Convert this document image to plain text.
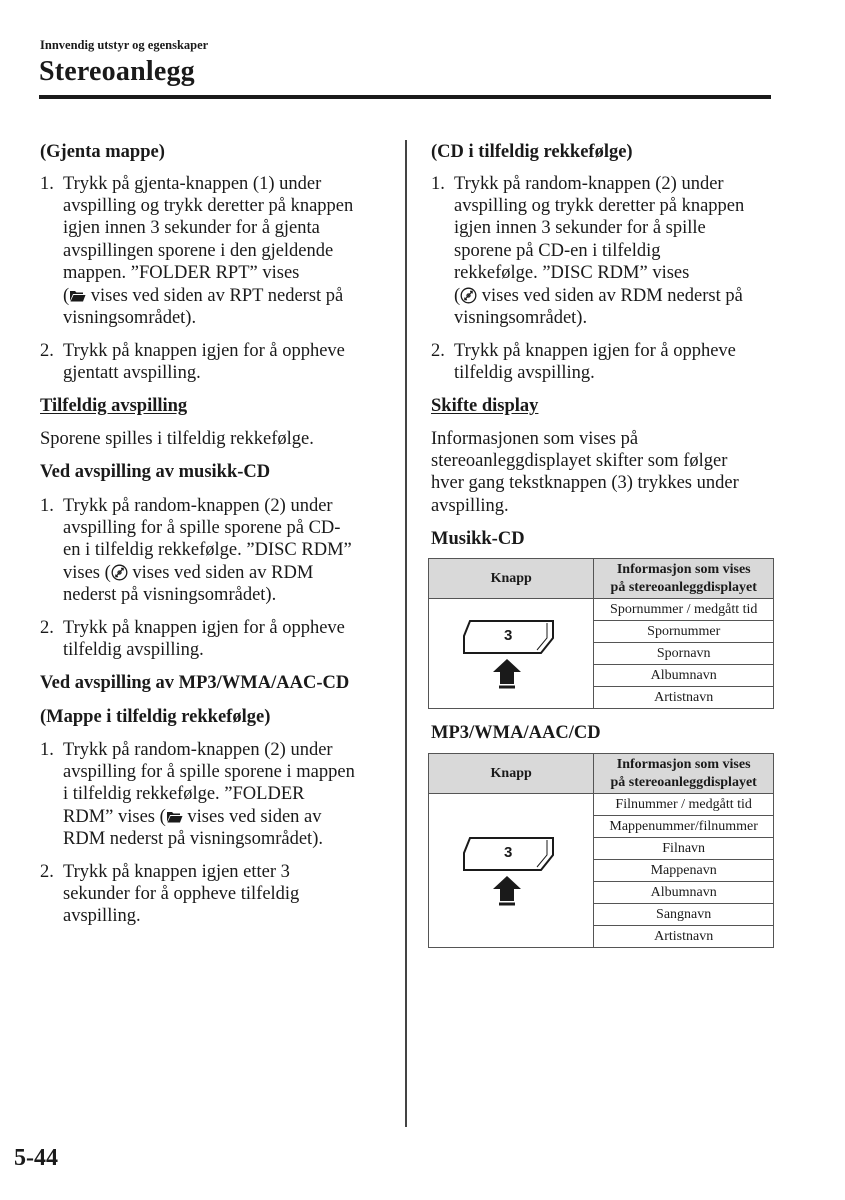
Innvendig utstyr og egenskaper
Stereoanlegg
(Gjenta mappe)
1. Trykk på gjenta-knappen (1) under
avspilling og trykk deretter på knappen
igjen innen 3 sekunder for å gjenta
avspillingen sporene i den gjeldende
mappen. ”FOLDER RPT” vises
( vises ved siden av RPT nederst på
visningsområdet).
2. Trykk på knappen igjen for å oppheve
gjentatt avspilling.
Tilfeldig avspilling
Sporene spilles i tilfeldig rekkefølge.
Ved avspilling av musikk-CD
1. Trykk på random-knappen (2) under
avspilling for å spille sporene på CD-
en i tilfeldig rekkefølge. ”DISC RDM”
vises ( vises ved siden av RDM
nederst på visningsområdet).
2. Trykk på knappen igjen for å oppheve
tilfeldig avspilling.
Ved avspilling av MP3/WMA/AAC-CD
(Mappe i tilfeldig rekkefølge)
1. Trykk på random-knappen (2) under
avspilling for å spille sporene i mappen
i tilfeldig rekkefølge. ”FOLDER
RDM” vises ( vises ved siden av
RDM nederst på visningsområdet).
2. Trykk på knappen igjen etter 3
sekunder for å oppheve tilfeldig
avspilling.
(CD i tilfeldig rekkefølge)
1. Trykk på random-knappen (2) under
avspilling og trykk deretter på knappen
igjen innen 3 sekunder for å spille
sporene på CD-en i tilfeldig
rekkefølge. ”DISC RDM” vises
( vises ved siden av RDM nederst på
visningsområdet).
2. Trykk på knappen igjen for å oppheve
tilfeldig avspilling.
Skifte display
Informasjonen som vises på
stereoanleggdisplayet skifter som følger
hver gang tekstknappen (3) trykkes under
avspilling.
Musikk-CD
Knapp	Informasjon som vises
på stereoanleggdisplayet

3	Spornummer / medgått tid
	Spornummer
	Spornavn
	Albumnavn
	Artistnavn
MP3/WMA/AAC/CD
Knapp	Informasjon som vises
på stereoanleggdisplayet

3	Filnummer / medgått tid
	Mappenummer/filnummer
	Filnavn
	Mappenavn
	Albumnavn
	Sangnavn
	Artistnavn
5-44
